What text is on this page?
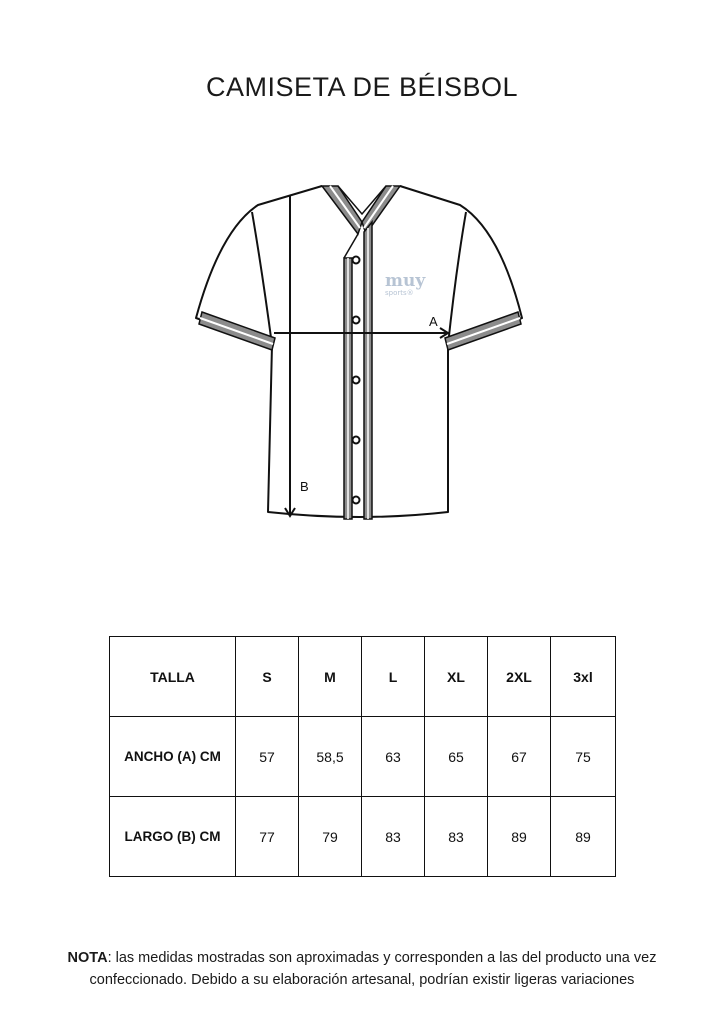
CAMISETA DE BÉISBOL
muy
sports®
A
B
TALLA	S	M	L	XL	2XL	3xl
ANCHO (A) CM	57	58,5	63	65	67	75
LARGO (B) CM	77	79	83	83	89	89

NOTA: las medidas mostradas son aproximadas y corresponden a las del producto una vez confeccionado. Debido a su elaboración artesanal, podrían existir ligeras variaciones
